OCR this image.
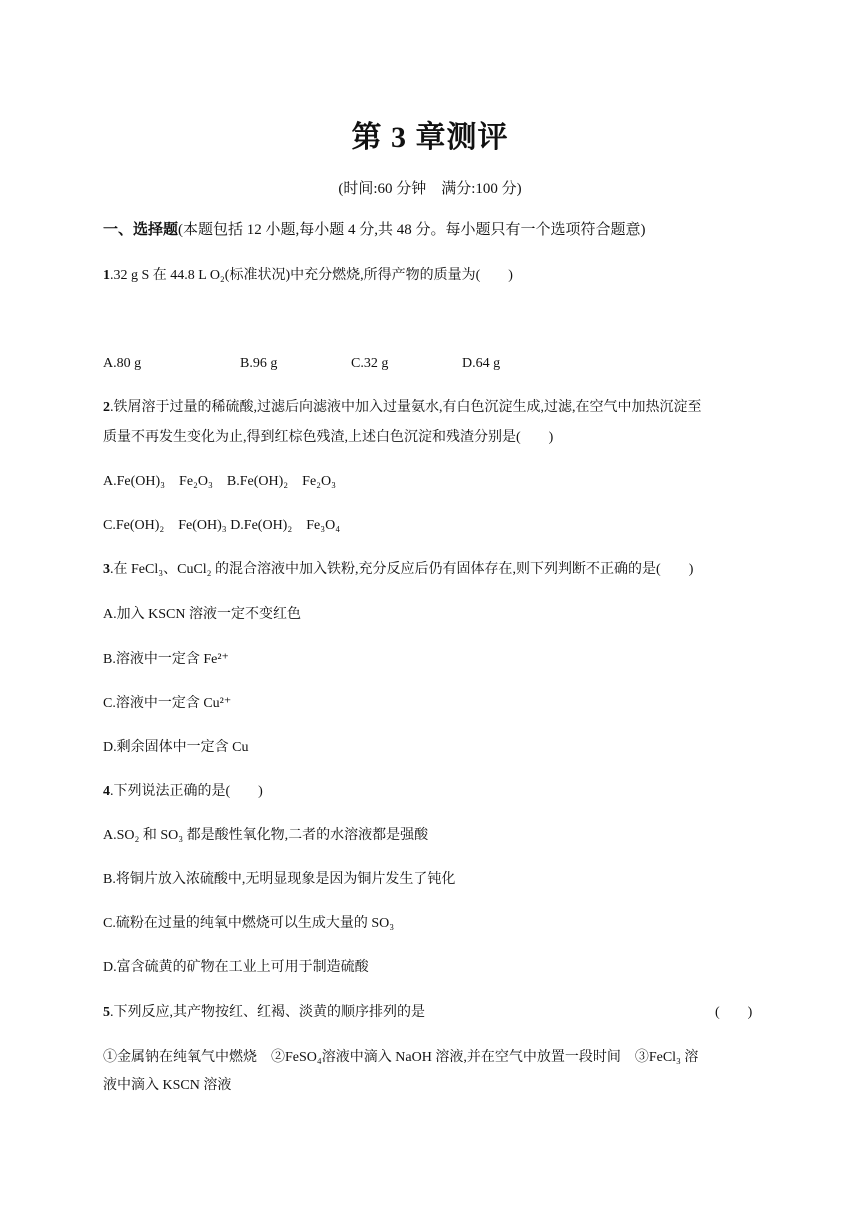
第 3 章测评
(时间:60 分钟　满分:100 分)
一、选择题(本题包括 12 小题,每小题 4 分,共 48 分。每小题只有一个选项符合题意)
1.32 g S 在 44.8 L O₂(标准状况)中充分燃烧,所得产物的质量为(　　)
A.80 g	B.96 g	C.32 g	D.64 g
2.铁屑溶于过量的稀硫酸,过滤后向滤液中加入过量氨水,有白色沉淀生成,过滤,在空气中加热沉淀至
质量不再发生变化为止,得到红棕色残渣,上述白色沉淀和残渣分别是(　　)
A.Fe(OH)₃　Fe₂O₃　B.Fe(OH)₂　Fe₂O₃
C.Fe(OH)₂　Fe(OH)₃ D.Fe(OH)₂　Fe₃O₄
3.在 FeCl₃、CuCl₂ 的混合溶液中加入铁粉,充分反应后仍有固体存在,则下列判断不正确的是(　　)
A.加入 KSCN 溶液一定不变红色
B.溶液中一定含 Fe²⁺
C.溶液中一定含 Cu²⁺
D.剩余固体中一定含 Cu
4.下列说法正确的是(　　)
A.SO₂ 和 SO₃ 都是酸性氧化物,二者的水溶液都是强酸
B.将铜片放入浓硫酸中,无明显现象是因为铜片发生了钝化
C.硫粉在过量的纯氧中燃烧可以生成大量的 SO₃
D.富含硫黄的矿物在工业上可用于制造硫酸
5.下列反应,其产物按红、红褐、淡黄的顺序排列的是	(　　)
①金属钠在纯氧气中燃烧　②FeSO₄溶液中滴入 NaOH 溶液,并在空气中放置一段时间　③FeCl₃ 溶
液中滴入 KSCN 溶液
